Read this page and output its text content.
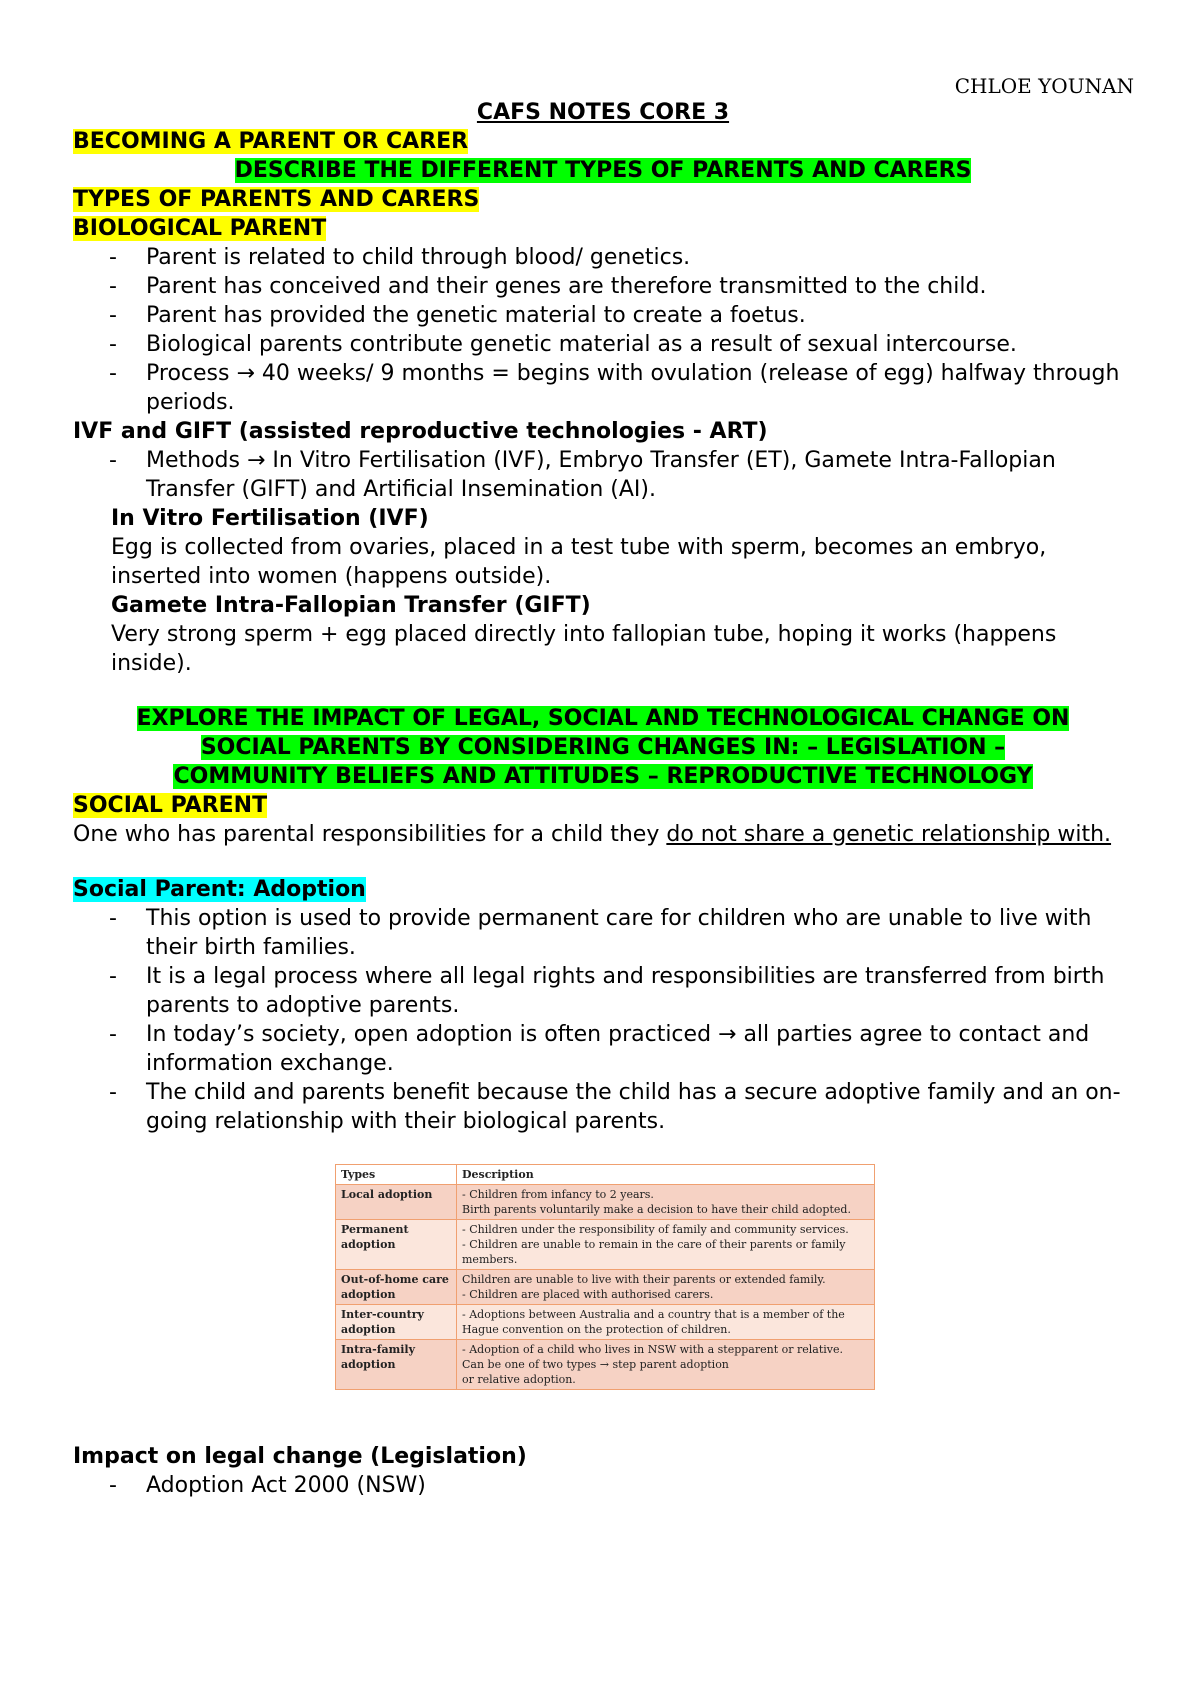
CHLOE YOUNAN

CAFS NOTES CORE 3

BECOMING A PARENT OR CARER

DESCRIBE THE DIFFERENT TYPES OF PARENTS AND CARERS

TYPES OF PARENTS AND CARERS

BIOLOGICAL PARENT

- Parent is related to child through blood/ genetics.
- Parent has conceived and their genes are therefore transmitted to the child.
- Parent has provided the genetic material to create a foetus.
- Biological parents contribute genetic material as a result of sexual intercourse.
- Process → 40 weeks/ 9 months = begins with ovulation (release of egg) halfway through periods.

IVF and GIFT (assisted reproductive technologies - ART)

- Methods → In Vitro Fertilisation (IVF), Embryo Transfer (ET), Gamete Intra-Fallopian Transfer (GIFT) and Artificial Insemination (AI).

In Vitro Fertilisation (IVF)

Egg is collected from ovaries, placed in a test tube with sperm, becomes an embryo, inserted into women (happens outside).

Gamete Intra-Fallopian Transfer (GIFT)

Very strong sperm + egg placed directly into fallopian tube, hoping it works (happens inside).

EXPLORE THE IMPACT OF LEGAL, SOCIAL AND TECHNOLOGICAL CHANGE ON

SOCIAL PARENTS BY CONSIDERING CHANGES IN: – LEGISLATION –

COMMUNITY BELIEFS AND ATTITUDES – REPRODUCTIVE TECHNOLOGY

SOCIAL PARENT

One who has parental responsibilities for a child they do not share a genetic relationship with.

Social Parent: Adoption

- This option is used to provide permanent care for children who are unable to live with their birth families.
- It is a legal process where all legal rights and responsibilities are transferred from birth parents to adoptive parents.
- In today’s society, open adoption is often practiced → all parties agree to contact and information exchange.
- The child and parents benefit because the child has a secure adoptive family and an on-going relationship with their biological parents.
Types	Description
Local adoption	- Children from infancy to 2 years.
Birth parents voluntarily make a decision to have their child adopted.

Permanent adoption	- Children under the responsibility of family and community services.
- Children are unable to remain in the care of their parents or family members.

Out-of-home care adoption	Children are unable to live with their parents or extended family.
- Children are placed with authorised carers.

Inter-country adoption	- Adoptions between Australia and a country that is a member of the Hague convention on the protection of children.

Intra-family adoption	- Adoption of a child who lives in NSW with a stepparent or relative.
Can be one of two types → step parent adoption
or relative adoption.

Impact on legal change (Legislation)

- Adoption Act 2000 (NSW)
